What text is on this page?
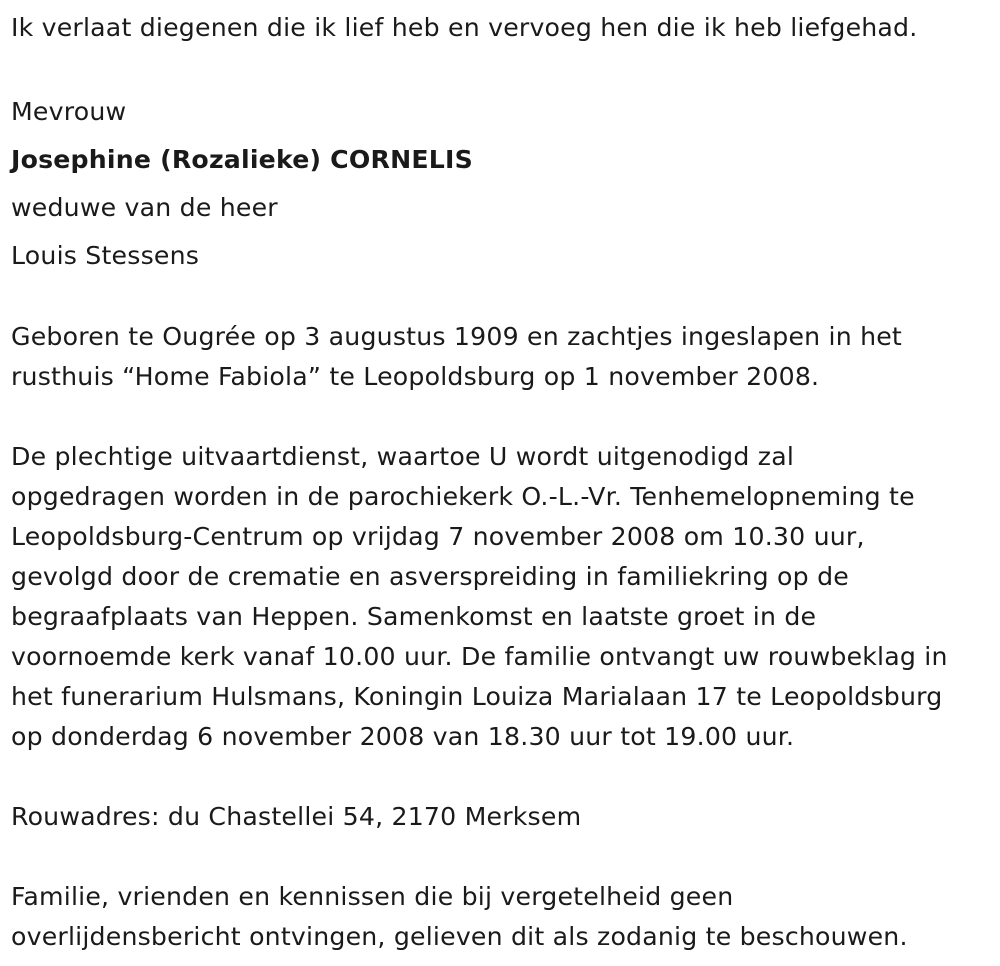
Ik verlaat diegenen die ik lief heb en vervoeg hen die ik heb liefgehad.

Mevrouw

Josephine (Rozalieke) CORNELIS

weduwe van de heer

Louis Stessens

Geboren te Ougrée op 3 augustus 1909 en zachtjes ingeslapen in het

rusthuis “Home Fabiola” te Leopoldsburg op 1 november 2008.

De plechtige uitvaartdienst, waartoe U wordt uitgenodigd zal

opgedragen worden in de parochiekerk O.-L.-Vr. Tenhemelopneming te

Leopoldsburg-Centrum op vrijdag 7 november 2008 om 10.30 uur,

gevolgd door de crematie en asverspreiding in familiekring op de

begraafplaats van Heppen. Samenkomst en laatste groet in de

voornoemde kerk vanaf 10.00 uur. De familie ontvangt uw rouwbeklag in

het funerarium Hulsmans, Koningin Louiza Marialaan 17 te Leopoldsburg

op donderdag 6 november 2008 van 18.30 uur tot 19.00 uur.

Rouwadres: du Chastellei 54, 2170 Merksem

Familie, vrienden en kennissen die bij vergetelheid geen

overlijdensbericht ontvingen, gelieven dit als zodanig te beschouwen.
